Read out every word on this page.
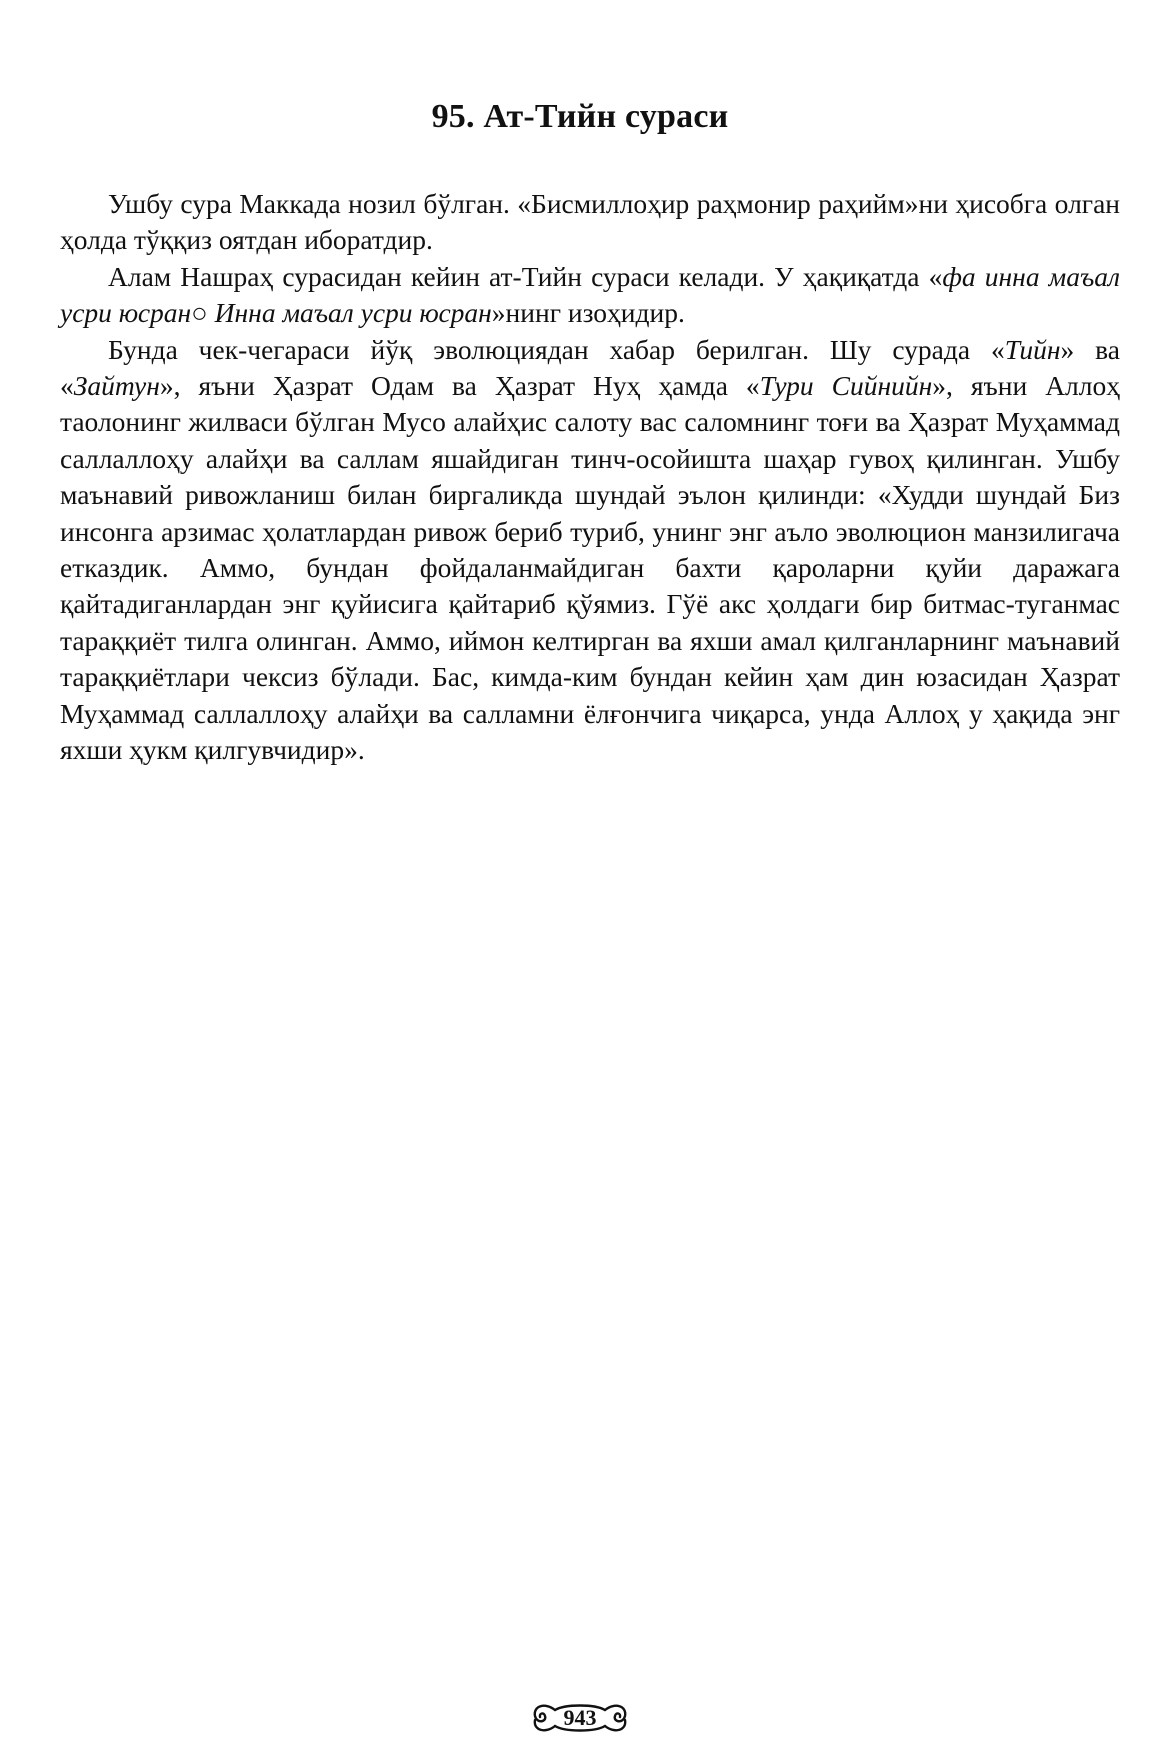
95. Ат-Тийн сураси

Ушбу сура Маккада нозил бўлган. «Бисмиллоҳир раҳмонир раҳийм»ни ҳисобга олган ҳолда тўққиз оятдан иборатдир.

Алам Нашраҳ сурасидан кейин ат-Тийн сураси келади. У ҳақиқатда «фа инна маъал усри юсран○ Инна маъал усри юсран»нинг изоҳидир.

Бунда чек-чегараси йўқ эволюциядан хабар берилган. Шу сурада «Тийн» ва «Зайтун», яъни Ҳазрат Одам ва Ҳазрат Нуҳ ҳамда «Тури Сийнийн», яъни Аллоҳ таолонинг жилваси бўлган Мусо алайҳис салоту вас саломнинг тоғи ва Ҳазрат Муҳаммад саллаллоҳу алайҳи ва саллам яшайдиган тинч-осойишта шаҳар гувоҳ қилинган. Ушбу маънавий ривожланиш билан биргаликда шундай эълон қилинди: «Худди шундай Биз инсонга арзимас ҳолатлардан ривож бериб туриб, унинг энг аъло эволюцион манзилигача етказдик. Аммо, бундан фойдаланмайдиган бахти қароларни қуйи даражага қайтадиганлардан энг қуйисига қайтариб қўямиз. Гўё акс ҳолдаги бир битмас-туганмас тараққиёт тилга олинган. Аммо, иймон келтирган ва яхши амал қилганларнинг маънавий тараққиётлари чексиз бўлади. Бас, кимда-ким бундан кейин ҳам дин юзасидан Ҳазрат Муҳаммад саллаллоҳу алайҳи ва салламни ёлғончига чиқарса, унда Аллоҳ у ҳақида энг яхши ҳукм қилгувчидир».

943
